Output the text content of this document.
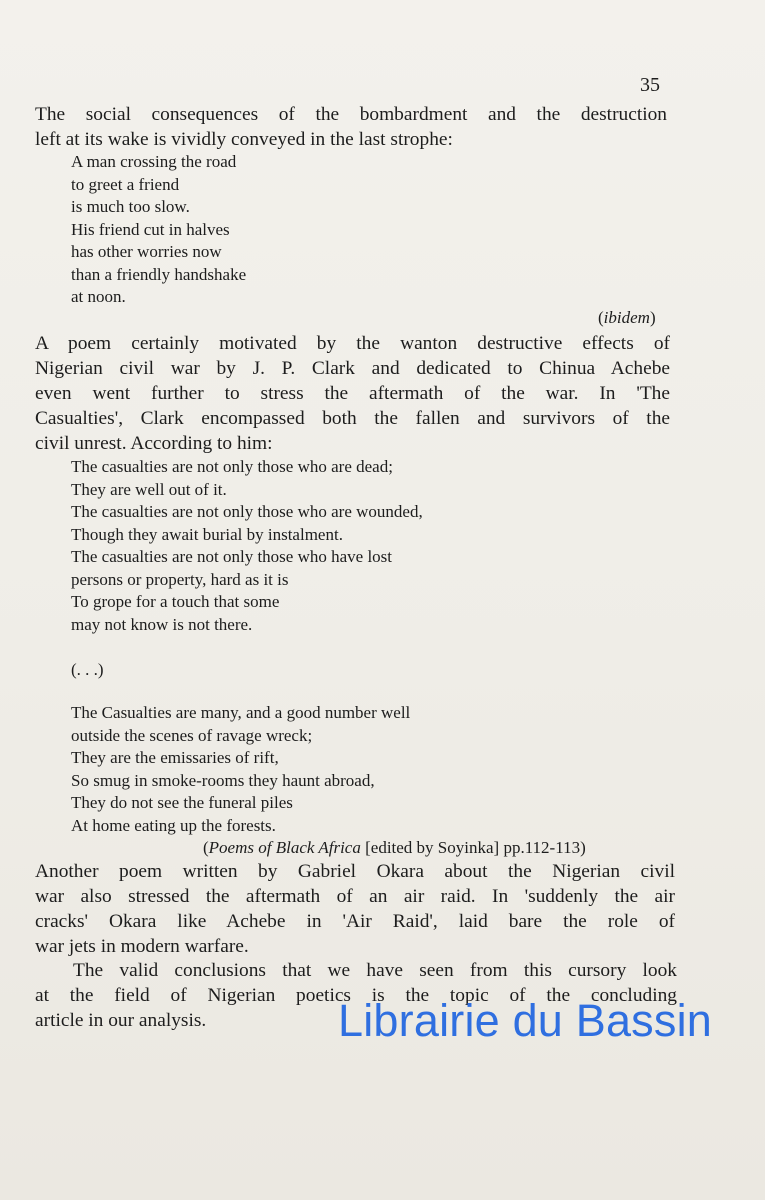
35
The social consequences of the bombardment and the destruction
left at its wake is vividly conveyed in the last strophe:
A man crossing the road
to greet a friend
is much too slow.
His friend cut in halves
has other worries now
than a friendly handshake
at noon.
(ibidem)
A poem certainly motivated by the wanton destructive effects of
Nigerian civil war by J. P. Clark and dedicated to Chinua Achebe
even went further to stress the aftermath of the war. In 'The
Casualties', Clark encompassed both the fallen and survivors of the
civil unrest. According to him:
The casualties are not only those who are dead;
They are well out of it.
The casualties are not only those who are wounded,
Though they await burial by instalment.
The casualties are not only those who have lost
persons or property, hard as it is
To grope for a touch that some
may not know is not there.
(. . .)
The Casualties are many, and a good number well
outside the scenes of ravage wreck;
They are the emissaries of rift,
So smug in smoke-rooms they haunt abroad,
They do not see the funeral piles
At home eating up the forests.
(Poems of Black Africa [edited by Soyinka] pp.112-113)
Another poem written by Gabriel Okara about the Nigerian civil
war also stressed the aftermath of an air raid. In 'suddenly the air
cracks' Okara like Achebe in 'Air Raid', laid bare the role of
war jets in modern warfare.
The valid conclusions that we have seen from this cursory look
at the field of Nigerian poetics is the topic of the concluding
article in our analysis.	Librairie du Bassin
